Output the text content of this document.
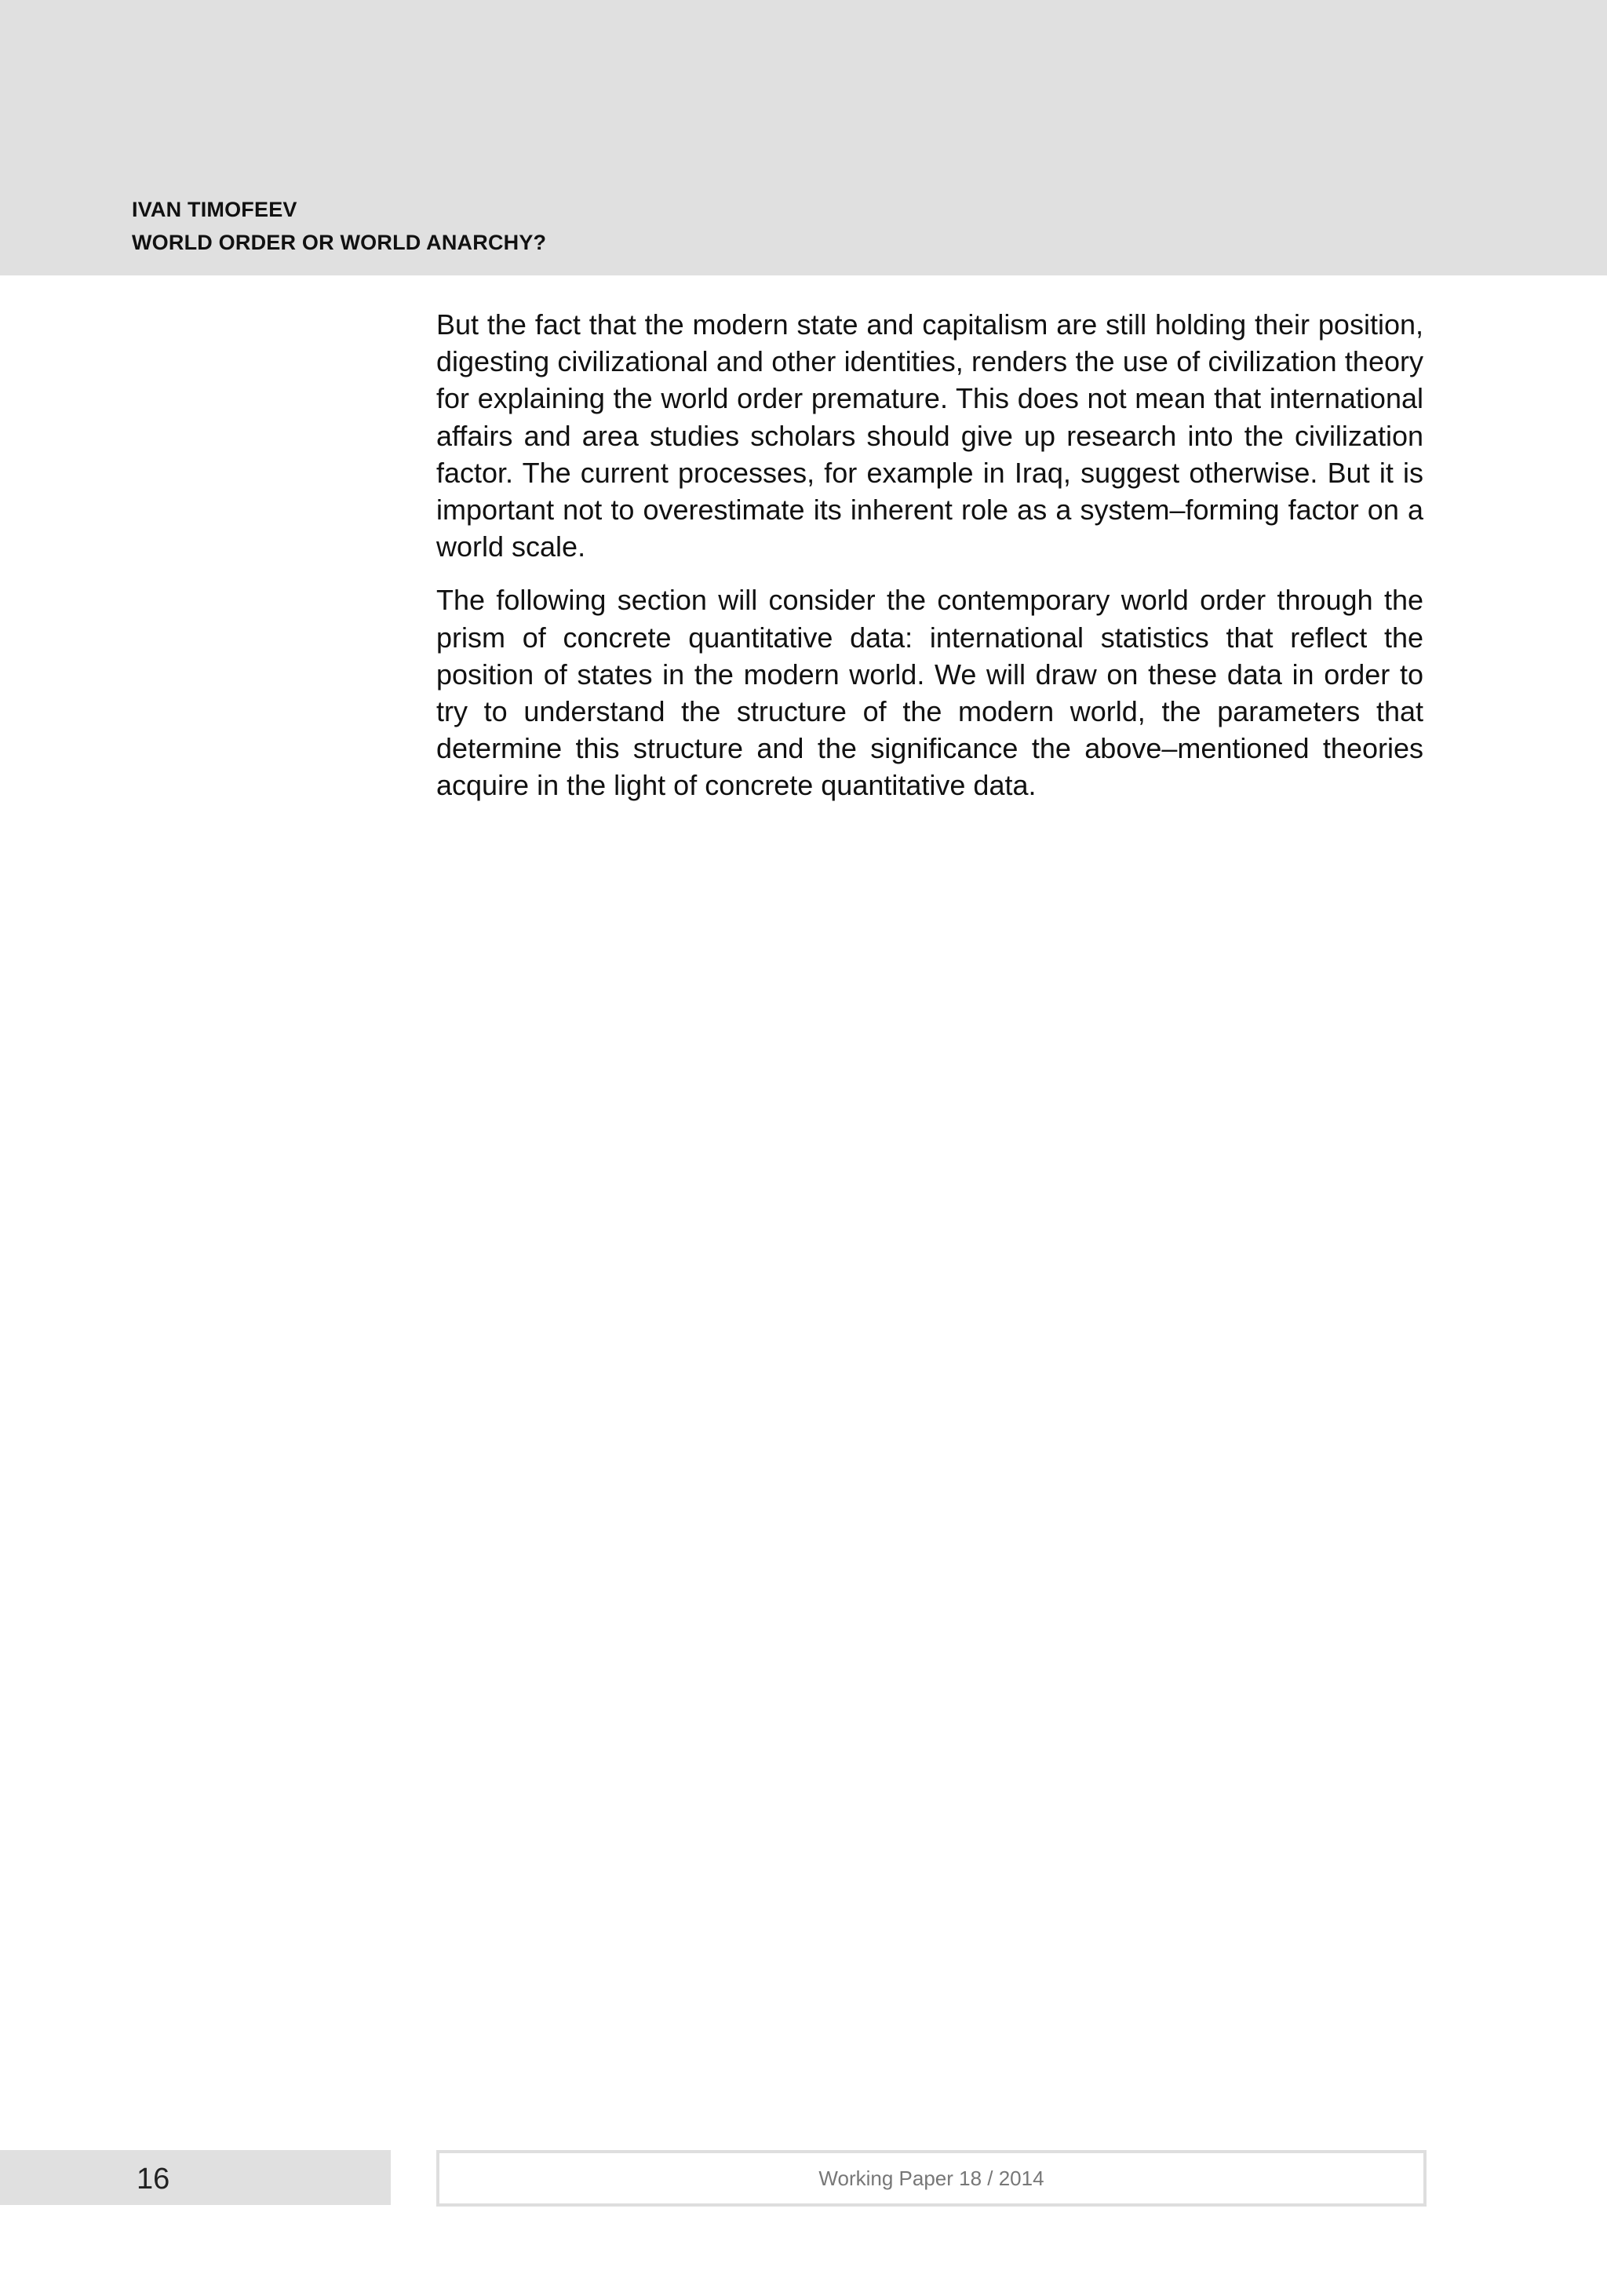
IVAN TIMOFEEV
WORLD ORDER OR WORLD ANARCHY?

But the fact that the modern state and capitalism are still holding their position, digesting civilizational and other identities, renders the use of civilization theory for explaining the world order premature. This does not mean that international affairs and area studies scholars should give up research into the civilization factor. The current processes, for example in Iraq, suggest otherwise. But it is important not to overestimate its inherent role as a system–forming factor on a world scale.

The following section will consider the contemporary world order through the prism of concrete quantitative data: international statistics that reflect the position of states in the modern world. We will draw on these data in order to try to understand the structure of the modern world, the parameters that determine this structure and the significance the above–mentioned theories acquire in the light of concrete quantitative data.

16	Working Paper 18 / 2014
